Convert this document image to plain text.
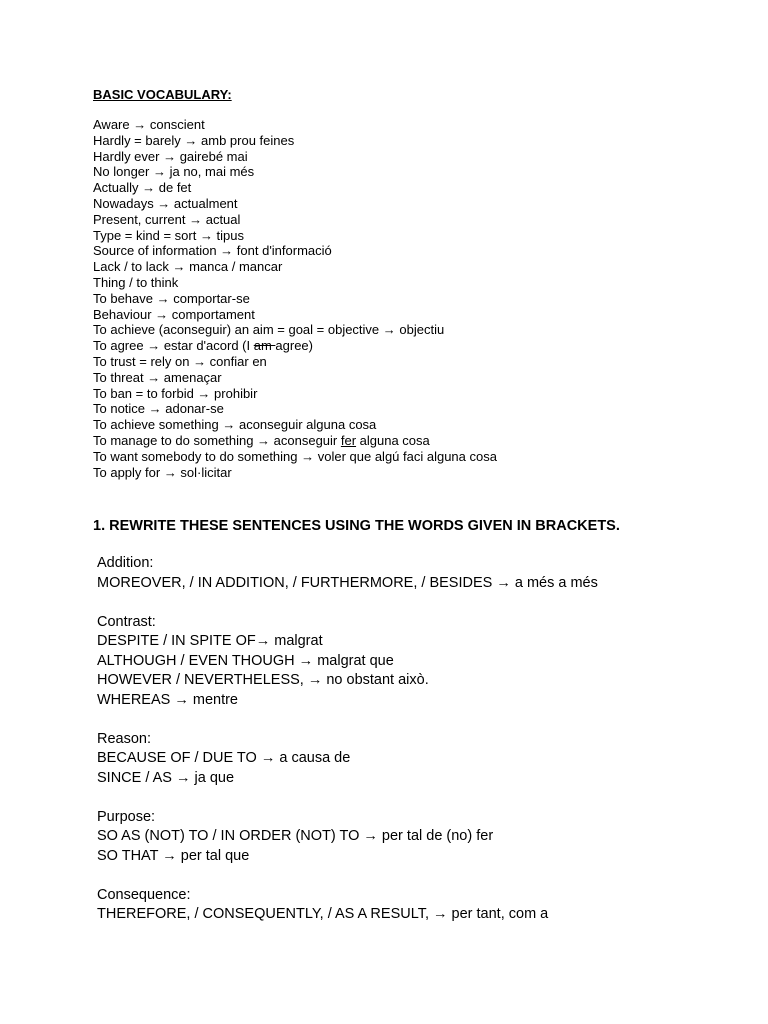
BASIC VOCABULARY:
Aware → conscient
Hardly = barely → amb prou feines
Hardly ever → gairebé mai
No longer → ja no, mai més
Actually → de fet
Nowadays → actualment
Present, current → actual
Type = kind = sort → tipus
Source of information → font d'informació
Lack / to lack → manca / mancar
Thing / to think
To behave → comportar-se
Behaviour → comportament
To achieve (aconseguir) an aim = goal = objective → objectiu
To agree → estar d'acord (I am agree)
To trust = rely on → confiar en
To threat → amenaçar
To ban = to forbid → prohibir
To notice → adonar-se
To achieve something → aconseguir alguna cosa
To manage to do something → aconseguir fer alguna cosa
To want somebody to do something → voler que algú faci alguna cosa
To apply for → sol·licitar
1. REWRITE THESE SENTENCES USING THE WORDS GIVEN IN BRACKETS.
Addition:
MOREOVER, / IN ADDITION, / FURTHERMORE, / BESIDES → a més a més
Contrast:
DESPITE / IN SPITE OF→ malgrat
ALTHOUGH / EVEN THOUGH → malgrat que
HOWEVER / NEVERTHELESS, → no obstant això.
WHEREAS → mentre
Reason:
BECAUSE OF / DUE TO → a causa de
SINCE / AS → ja que
Purpose:
SO AS (NOT) TO / IN ORDER (NOT) TO → per tal de (no) fer
SO THAT → per tal que
Consequence:
THEREFORE, / CONSEQUENTLY, / AS A RESULT, → per tant, com a
